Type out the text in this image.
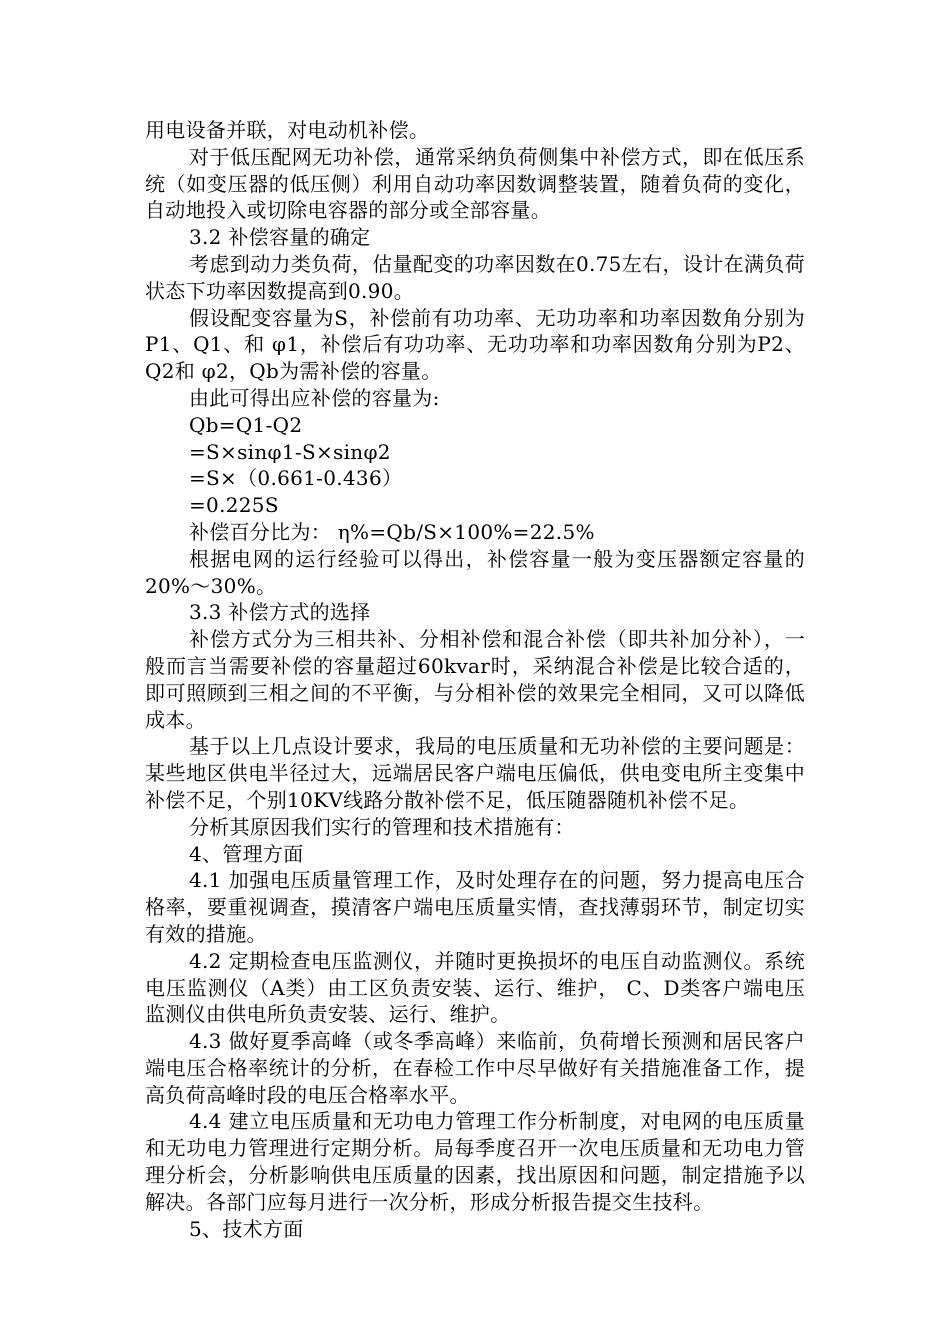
用电设备并联，对电动机补偿。

对于低压配网无功补偿，通常采纳负荷侧集中补偿方式，即在低压系统（如变压器的低压侧）利用自动功率因数调整装置，随着负荷的变化，自动地投入或切除电容器的部分或全部容量。

3.2 补偿容量的确定

考虑到动力类负荷，估量配变的功率因数在0.75左右，设计在满负荷状态下功率因数提高到0.90。

假设配变容量为S，补偿前有功功率、无功功率和功率因数角分别为P1、Q1、和 φ1，补偿后有功功率、无功功率和功率因数角分别为P2、Q2和 φ2，Qb为需补偿的容量。

由此可得出应补偿的容量为:

Qb=Q1-Q2

=S×sinφ1-S×sinφ2

=S×（0.661-0.436）

=0.225S

补偿百分比为： η%=Qb/S×100%=22.5%

根据电网的运行经验可以得出，补偿容量一般为变压器额定容量的20%～30%。

3.3 补偿方式的选择

补偿方式分为三相共补、分相补偿和混合补偿（即共补加分补），一般而言当需要补偿的容量超过60kvar时，采纳混合补偿是比较合适的，即可照顾到三相之间的不平衡，与分相补偿的效果完全相同，又可以降低成本。

基于以上几点设计要求，我局的电压质量和无功补偿的主要问题是：某些地区供电半径过大，远端居民客户端电压偏低，供电变电所主变集中补偿不足，个别10KV线路分散补偿不足，低压随器随机补偿不足。

分析其原因我们实行的管理和技术措施有：

4、管理方面

4.1 加强电压质量管理工作，及时处理存在的问题，努力提高电压合格率，要重视调查，摸清客户端电压质量实情，查找薄弱环节，制定切实有效的措施。

4.2 定期检查电压监测仪，并随时更换损坏的电压自动监测仪。系统电压监测仪（A类）由工区负责安装、运行、维护， C、D类客户端电压监测仪由供电所负责安装、运行、维护。

4.3 做好夏季高峰（或冬季高峰）来临前，负荷增长预测和居民客户端电压合格率统计的分析，在春检工作中尽早做好有关措施准备工作，提高负荷高峰时段的电压合格率水平。

4.4 建立电压质量和无功电力管理工作分析制度，对电网的电压质量和无功电力管理进行定期分析。局每季度召开一次电压质量和无功电力管理分析会，分析影响供电压质量的因素，找出原因和问题，制定措施予以解决。各部门应每月进行一次分析，形成分析报告提交生技科。

5、技术方面
